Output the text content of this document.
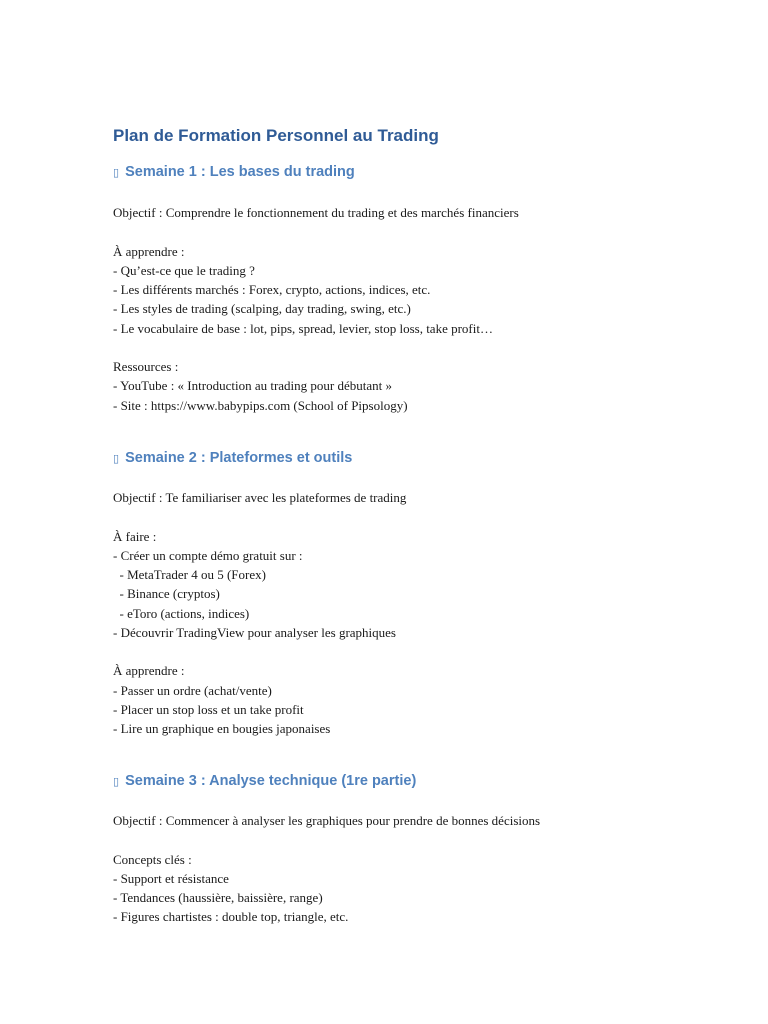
Plan de Formation Personnel au Trading
▯ Semaine 1 : Les bases du trading
Objectif : Comprendre le fonctionnement du trading et des marchés financiers
À apprendre :
- Qu’est-ce que le trading ?
- Les différents marchés : Forex, crypto, actions, indices, etc.
- Les styles de trading (scalping, day trading, swing, etc.)
- Le vocabulaire de base : lot, pips, spread, levier, stop loss, take profit…
Ressources :
- YouTube : « Introduction au trading pour débutant »
- Site : https://www.babypips.com (School of Pipsology)
▯ Semaine 2 : Plateformes et outils
Objectif : Te familiariser avec les plateformes de trading
À faire :
- Créer un compte démo gratuit sur :
- MetaTrader 4 ou 5 (Forex)
- Binance (cryptos)
- eToro (actions, indices)
- Découvrir TradingView pour analyser les graphiques
À apprendre :
- Passer un ordre (achat/vente)
- Placer un stop loss et un take profit
- Lire un graphique en bougies japonaises
▯ Semaine 3 : Analyse technique (1re partie)
Objectif : Commencer à analyser les graphiques pour prendre de bonnes décisions
Concepts clés :
- Support et résistance
- Tendances (haussière, baissière, range)
- Figures chartistes : double top, triangle, etc.
